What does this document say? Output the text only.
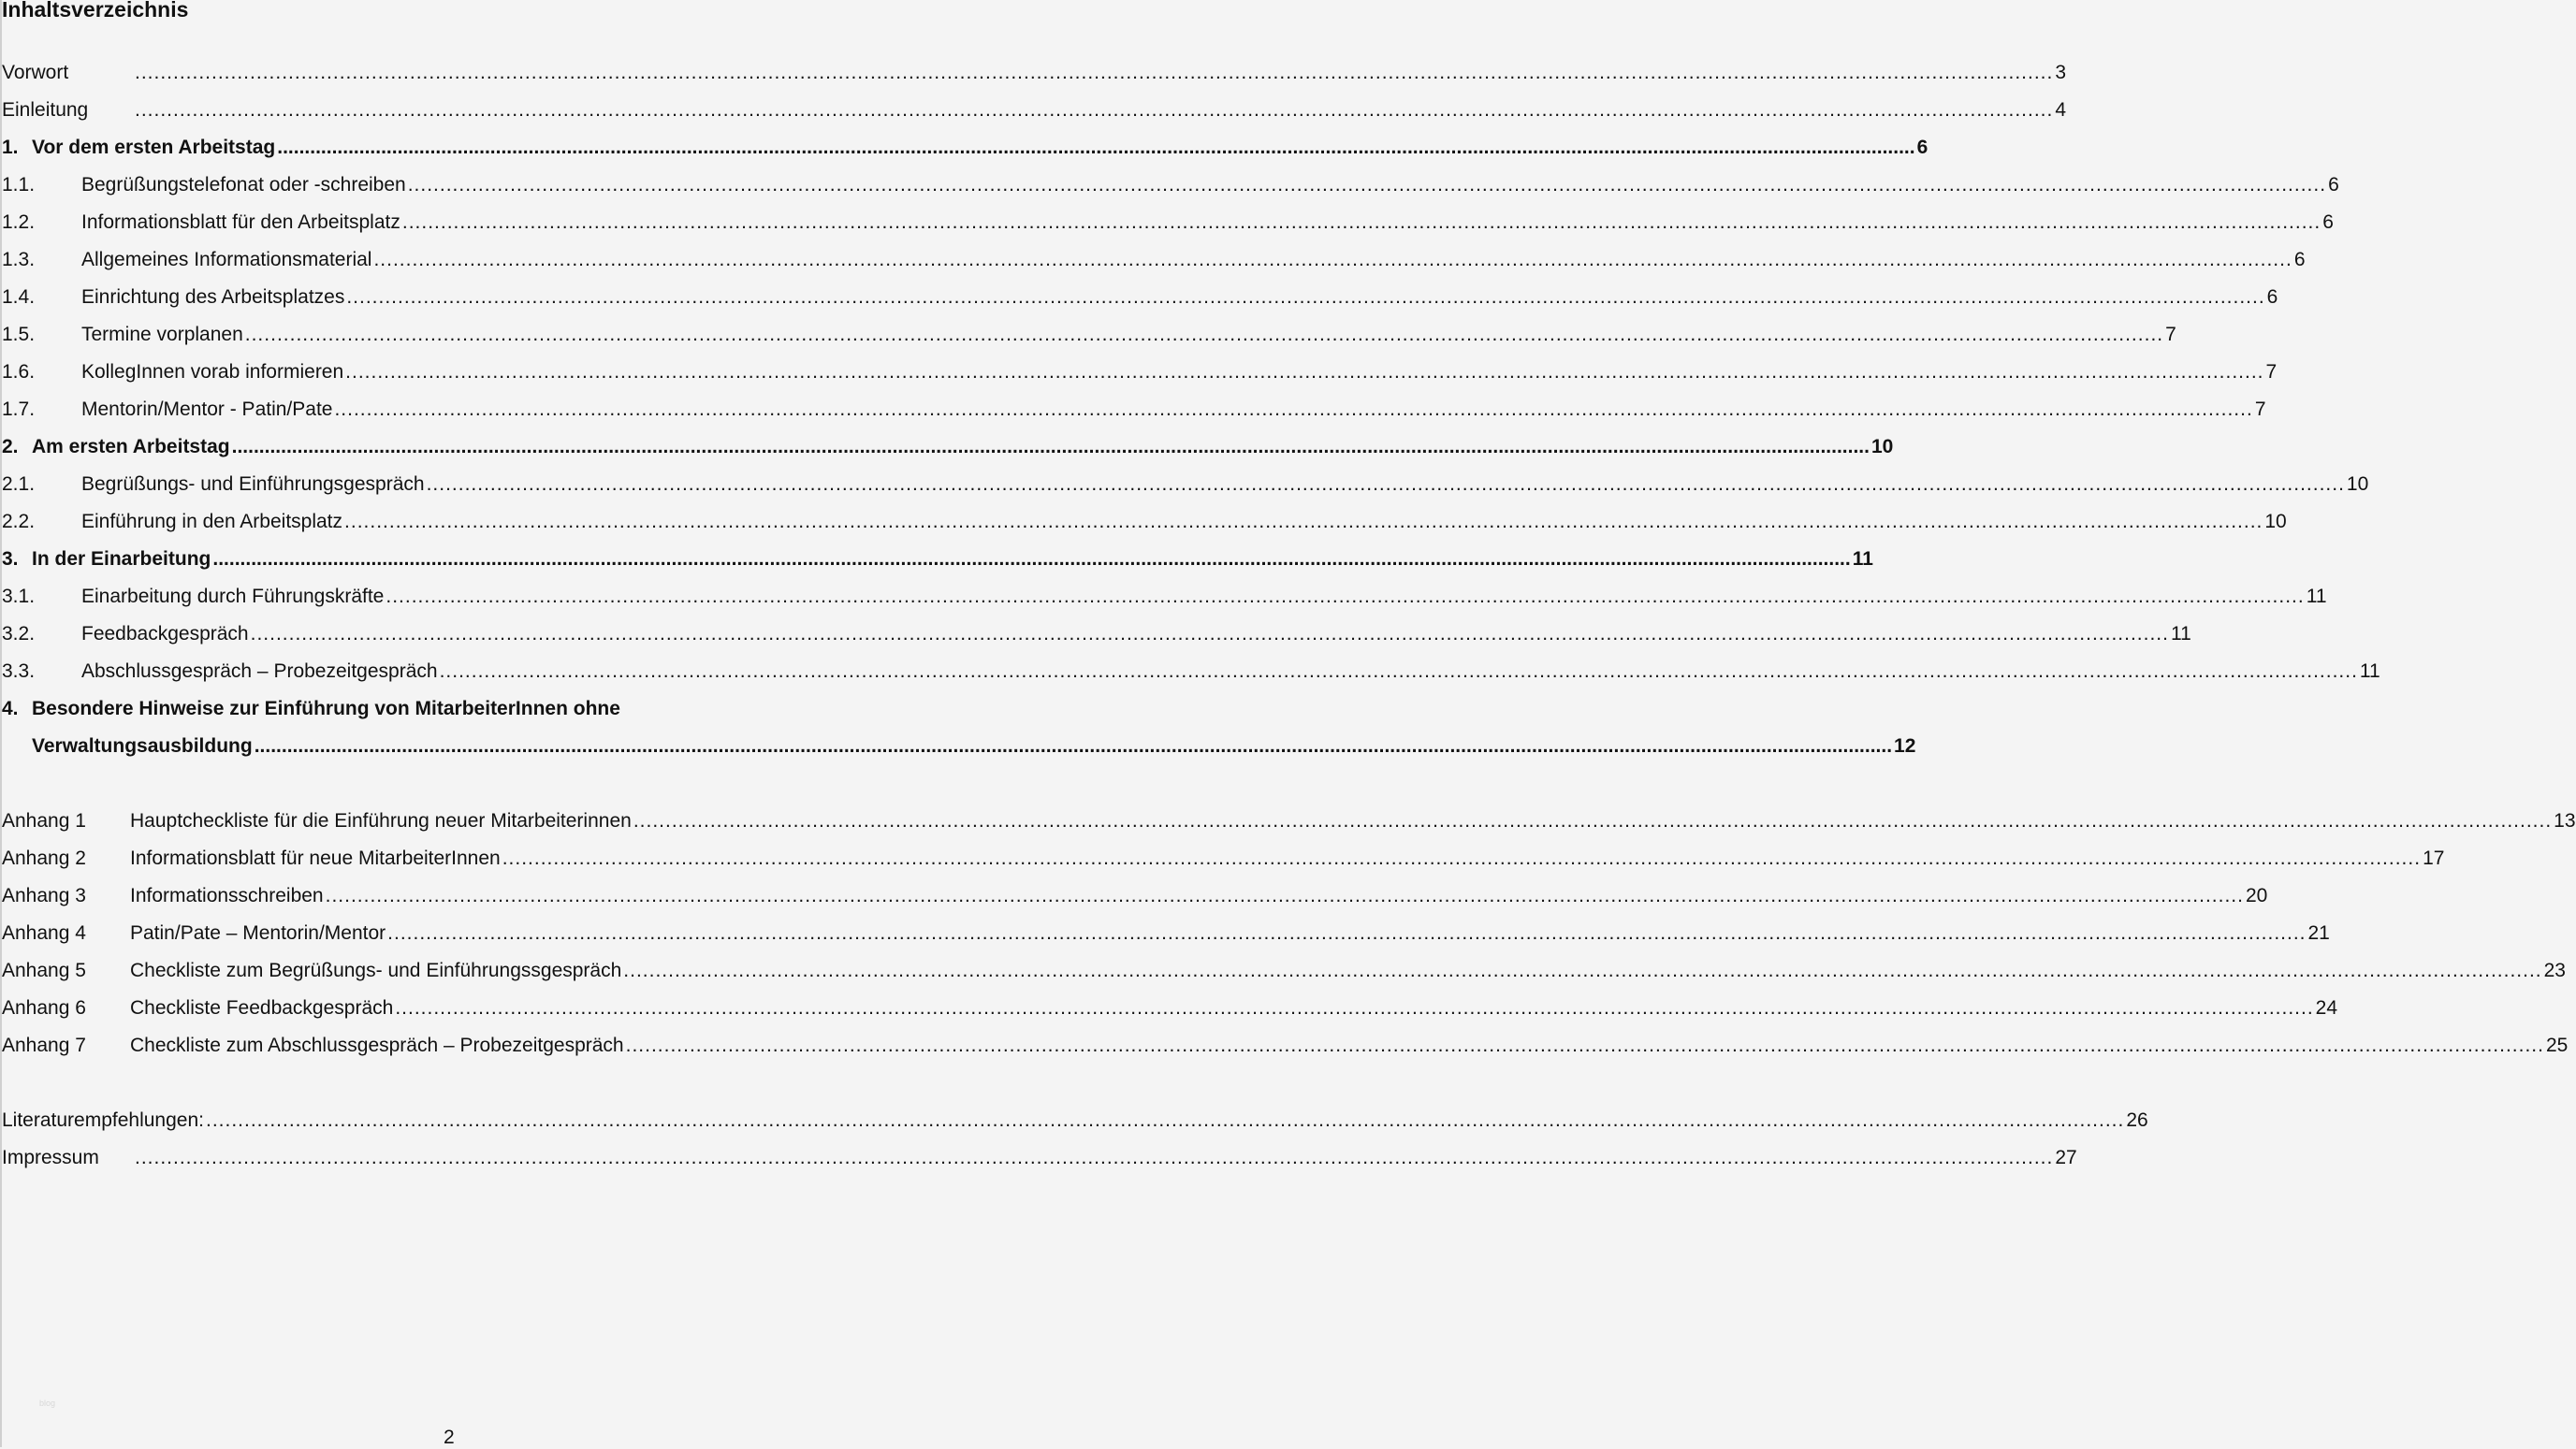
Inhaltsverzeichnis
Vorwort	............................................................................................................................................................................................................................................................................................................ 3
Einleitung	............................................................................................................................................................................................................................................................................................................ 4
1. Vor dem ersten Arbeitstag ............................................................................................................................................................................................................................................................................................................ 6
1.1.	Begrüßungstelefonat oder -schreiben ............................................................................................................................................................................................................................................................................................................ 6
1.2.	Informationsblatt für den Arbeitsplatz ............................................................................................................................................................................................................................................................................................................ 6
1.3.	Allgemeines Informationsmaterial ............................................................................................................................................................................................................................................................................................................ 6
1.4.	Einrichtung des Arbeitsplatzes ............................................................................................................................................................................................................................................................................................................ 6
1.5.	Termine vorplanen ............................................................................................................................................................................................................................................................................................................ 7
1.6.	KollegInnen vorab informieren ............................................................................................................................................................................................................................................................................................................ 7
1.7.	Mentorin/Mentor - Patin/Pate ............................................................................................................................................................................................................................................................................................................ 7
2. Am ersten Arbeitstag ............................................................................................................................................................................................................................................................................................................ 10
2.1.	Begrüßungs- und Einführungsgespräch ............................................................................................................................................................................................................................................................................................................ 10
2.2.	Einführung in den Arbeitsplatz ............................................................................................................................................................................................................................................................................................................ 10
3. In der Einarbeitung ............................................................................................................................................................................................................................................................................................................ 11
3.1.	Einarbeitung durch Führungskräfte ............................................................................................................................................................................................................................................................................................................ 11
3.2.	Feedbackgespräch ............................................................................................................................................................................................................................................................................................................ 11
3.3.	Abschlussgespräch – Probezeitgespräch ............................................................................................................................................................................................................................................................................................................ 11
4. Besondere Hinweise zur Einführung von MitarbeiterInnen ohne
Verwaltungsausbildung ............................................................................................................................................................................................................................................................................................................ 12
Anhang 1	Hauptcheckliste für die Einführung neuer Mitarbeiterinnen ............................................................................................................................................................................................................................................................................................................ 13
Anhang 2	Informationsblatt für neue MitarbeiterInnen ............................................................................................................................................................................................................................................................................................................ 17
Anhang 3	Informationsschreiben ............................................................................................................................................................................................................................................................................................................ 20
Anhang 4	Patin/Pate – Mentorin/Mentor ............................................................................................................................................................................................................................................................................................................ 21
Anhang 5	Checkliste zum Begrüßungs- und Einführungssgespräch ............................................................................................................................................................................................................................................................................................................ 23
Anhang 6	Checkliste Feedbackgespräch ............................................................................................................................................................................................................................................................................................................ 24
Anhang 7	Checkliste zum Abschlussgespräch – Probezeitgespräch ............................................................................................................................................................................................................................................................................................................ 25
Literaturempfehlungen: ............................................................................................................................................................................................................................................................................................................ 26
Impressum	............................................................................................................................................................................................................................................................................................................ 27
blog
2
